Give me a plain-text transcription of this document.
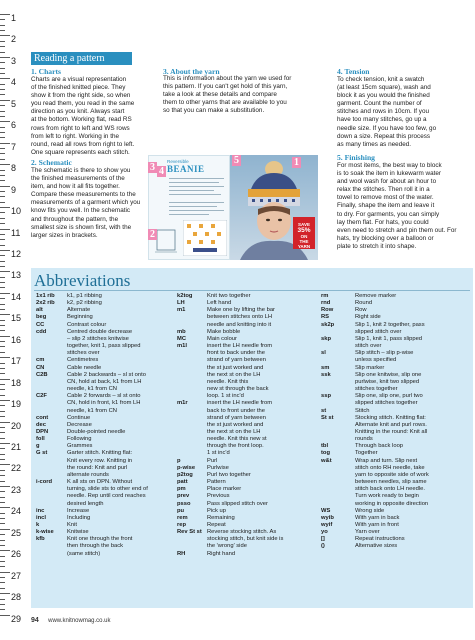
1
2
3
4
5
6
7
8
9
10
11
12
13
14
15
16
17
18
19
20
21
22
23
24
25
26
27
28
29
Reading a pattern
1. Charts
Charts are a visual representation
of the finished knitted piece. They
show it from the right side, so when
you read them, you read in the same
direction as you knit. Always start
at the bottom. Working flat, read RS
rows from right to left and WS rows
from left to right. Working in the
round, read all rows from right to left.
One square represents each stitch.
2. Schematic
The schematic is there to show you
the finished measurements of the
item, and how it all fits together.
Compare these measurements to the
measurements of a garment which you
know fits you well. In the schematic
and throughout the pattern, the
smallest size is shown first, with the
larger sizes in brackets.
3. About the yarn
This is information about the yarn we used for
this pattern. If you can't get hold of this yarn,
take a look at these details and compare
them to other yarns that are available to you
so that you can make a substitution.
4. Tension
To check tension, knit a swatch
(at least 15cm square), wash and
block it as you would the finished
garment. Count the number of
stitches and rows in 10cm. If you
have too many stitches, go up a
needle size. If you have too few, go
down a size. Repeat this process
as many times as needed.
5. Finishing
For most items, the best way to block
is to soak the item in lukewarm water
and wool wash for about an hour to
relax the stitches. Then roll it in a
towel to remove most of the water.
Finally, shape the item and leave it
to dry. For garments, you can simply
lay them flat. For hats, you could
even need to stretch and pin them out. For
hats, try blocking over a balloon or
plate to stretch it into shape.
Reversible
BEANIE
SAVE
35%
ON
THE
YARN
1
2
3 4
5
Abbreviations
1x1 rib	k1, p1 ribbing
2x2 rib	k2, p2 ribbing
alt	Alternate
beg	Beginning
CC	Contrast colour
cdd	Centred double decrease
– slip 2 stitches knitwise
together, knit 1, pass slipped
stitches over
cm	Centimetres
CN	Cable needle
C2B	Cable 2 backwards – sl st onto
CN, hold at back, k1 from LH
needle, k1 from CN
C2F	Cable 2 forwards – sl st onto
CN, hold in front, k1 from LH
needle, k1 from CN
cont	Continue
dec	Decrease
DPN	Double-pointed needle
foll	Following
g	Grammes
G st	Garter stitch. Knitting flat:
Knit every row. Knitting in
the round: Knit and purl
alternate rounds
i-cord	K all sts on DPN. Without
turning, slide sts to other end of
needle. Rep until cord reaches
desired length
inc	Increase
incl	Including
k	Knit
k-wise	Knitwise
kfb	Knit one through the front
then through the back
(same stitch)
k2tog	Knit two together
LH	Left hand
m1	Make one by lifting the bar
between stitches onto LH
needle and knitting into it
mb	Make bobble
MC	Main colour
m1l	insert the LH needle from
front to back under the
strand of yarn between
the st just worked and
the next st on the LH
needle. Knit this
new st through the back
loop. 1 st inc'd
m1r	insert the LH needle from
back to front under the
strand of yarn between
the st just worked and
the next st on the LH
needle. Knit this new st
through the front loop.
1 st inc'd
p	Purl
p-wise	Purlwise
p2tog	Purl two together
patt	Pattern
pm	Place marker
prev	Previous
psso	Pass slipped stitch over
pu	Pick up
rem	Remaining
rep	Repeat
Rev St st Reverse stocking stitch. As
stocking stitch, but knit side is
the 'wrong' side
RH	Right hand
rm	Remove marker
rnd	Round
Row	Row
RS	Right side
sk2p	Slip 1, knit 2 together, pass
slipped stitch over
skp	Slip 1, knit 1, pass slipped
stitch over
sl	Slip stitch – slip p-wise
unless specified
sm	Slip marker
ssk	Slip one knitwise, slip one
purlwise, knit two slipped
stitches together
ssp	Slip one, slip one, purl two
slipped stitches together
st	Stitch
St st	Stocking stitch. Knitting flat:
Alternate knit and purl rows.
Knitting in the round: Knit all
rounds
tbl	Through back loop
tog	Together
w&t	Wrap and turn. Slip next
stitch onto RH needle, take
yarn to opposite side of work
between needles, slip same
stitch back onto LH needle.
Turn work ready to begin
working in opposite direction
WS	Wrong side
wyib	With yarn in back
wyif	With yarn in front
yo	Yarn over
[]	Repeat instructions
()	Alternative sizes
94 www.knitnowmag.co.uk
